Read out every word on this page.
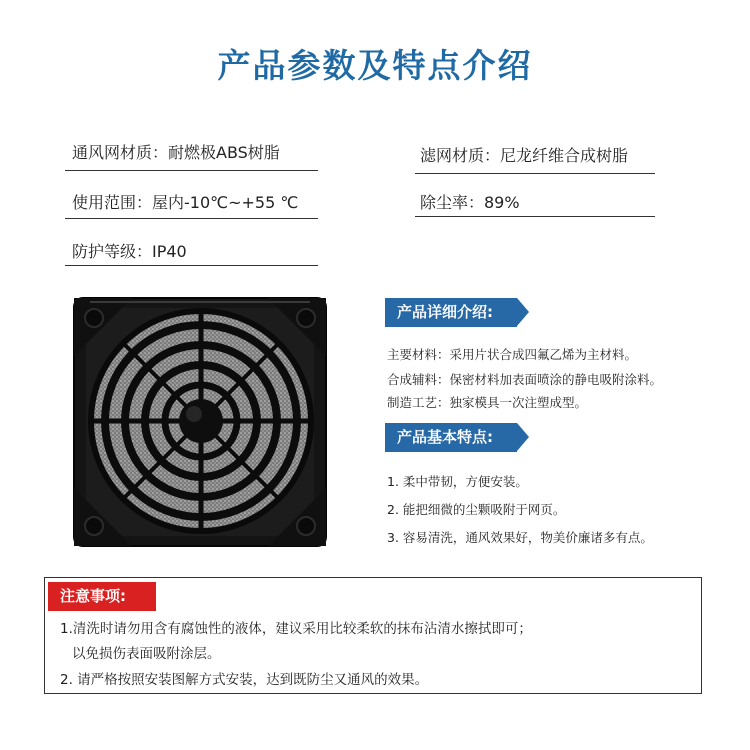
产品参数及特点介绍
通风网材质：耐燃极ABS树脂	滤网材质：尼龙纤维合成树脂
使用范围：屋内-10℃~+55 ℃	除尘率：89%
防护等级：IP40
产品详细介绍:
主要材料：采用片状合成四氟乙烯为主材料。
合成辅料：保密材料加表面喷涂的静电吸附涂料。
制造工艺：独家模具一次注塑成型。
产品基本特点:
1. 柔中带韧，方便安装。
2. 能把细微的尘颗吸附于网页。
3. 容易清洗，通风效果好，物美价廉诸多有点。
注意事项:
1.清洗时请勿用含有腐蚀性的液体，建议采用比较柔软的抹布沾清水擦拭即可；
以免损伤表面吸附涂层。
2. 请严格按照安装图解方式安装，达到既防尘又通风的效果。
